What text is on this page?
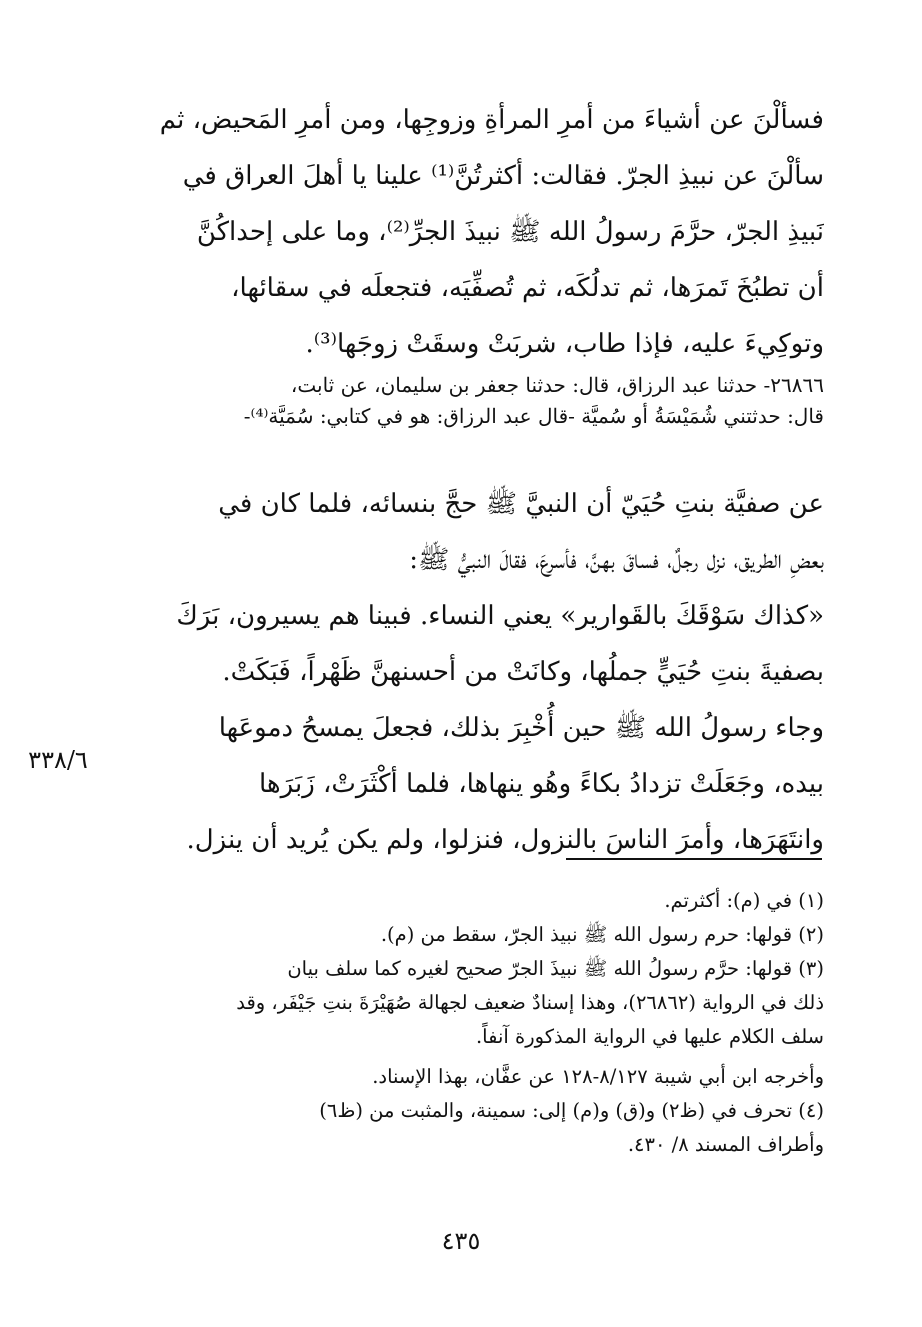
فسألْنَ عن أشياءَ من أمرِ المرأةِ وزوجِها، ومن أمرِ المَحيض، ثم
سألْنَ عن نبيذِ الجرّ. فقالت: أكثرتُنَّ⁽¹⁾ علينا يا أهلَ العراق في
نَبيذِ الجرّ، حرَّمَ رسولُ الله ﷺ نبيذَ الجرِّ⁽²⁾، وما على إحداكُنَّ
أن تطبُخَ تَمرَها، ثم تدلُكَه، ثم تُصفِّيَه، فتجعلَه في سقائها،
وتوكِيءَ عليه، فإذا طاب، شربَتْ وسقَتْ زوجَها⁽³⁾.
٢٦٨٦٦- حدثنا عبد الرزاق، قال: حدثنا جعفر بن سليمان، عن ثابت،
قال: حدثتني شُمَيْسَةُ أو سُميَّة -قال عبد الرزاق: هو في كتابي: سُمَيَّة⁽⁴⁾-
عن صفيَّة بنتِ حُيَيّ أن النبيَّ ﷺ حجَّ بنسائه، فلما كان في
بعضِ الطريق، نزل رجلٌ، فساقَ بهنَّ، فأسرعَ، فقالَ النبيُّ ﷺ:
«كذاك سَوْقَكَ بالقَوارير» يعني النساء. فبينا هم يسيرون، بَرَكَ
بصفيةَ بنتِ حُيَيٍّ جملُها، وكانَتْ من أحسنهنَّ ظَهْراً، فَبَكَتْ.
وجاء رسولُ الله ﷺ حين أُخْبِرَ بذلك، فجعلَ يمسحُ دموعَها
بيده، وجَعَلَتْ تزدادُ بكاءً وهُو ينهاها، فلما أكْثَرَتْ، زَبَرَها
وانتَهَرَها، وأمرَ الناسَ بالنزول، فنزلوا، ولم يكن يُريد أن ينزل.
٣٣٨/٦
(١) في (م): أكثرتم.
(٢) قولها: حرم رسول الله ﷺ نبيذ الجرّ، سقط من (م).
(٣) قولها: حرَّم رسولُ الله ﷺ نبيذَ الجرّ صحيح لغيره كما سلف بيان
ذلك في الرواية (٢٦٨٦٢)، وهذا إسنادٌ ضعيف لجهالة صُهَيْرَةَ بنتِ جَيْفَر، وقد
سلف الكلام عليها في الرواية المذكورة آنفاً.
وأخرجه ابن أبي شيبة ٨/١٢٧-١٢٨ عن عفَّان، بهذا الإسناد.
(٤) تحرف في (ظ٢) و(ق) و(م) إلى: سمينة، والمثبت من (ظ٦)
وأطراف المسند ٨/ ٤٣٠.
٤٣٥
